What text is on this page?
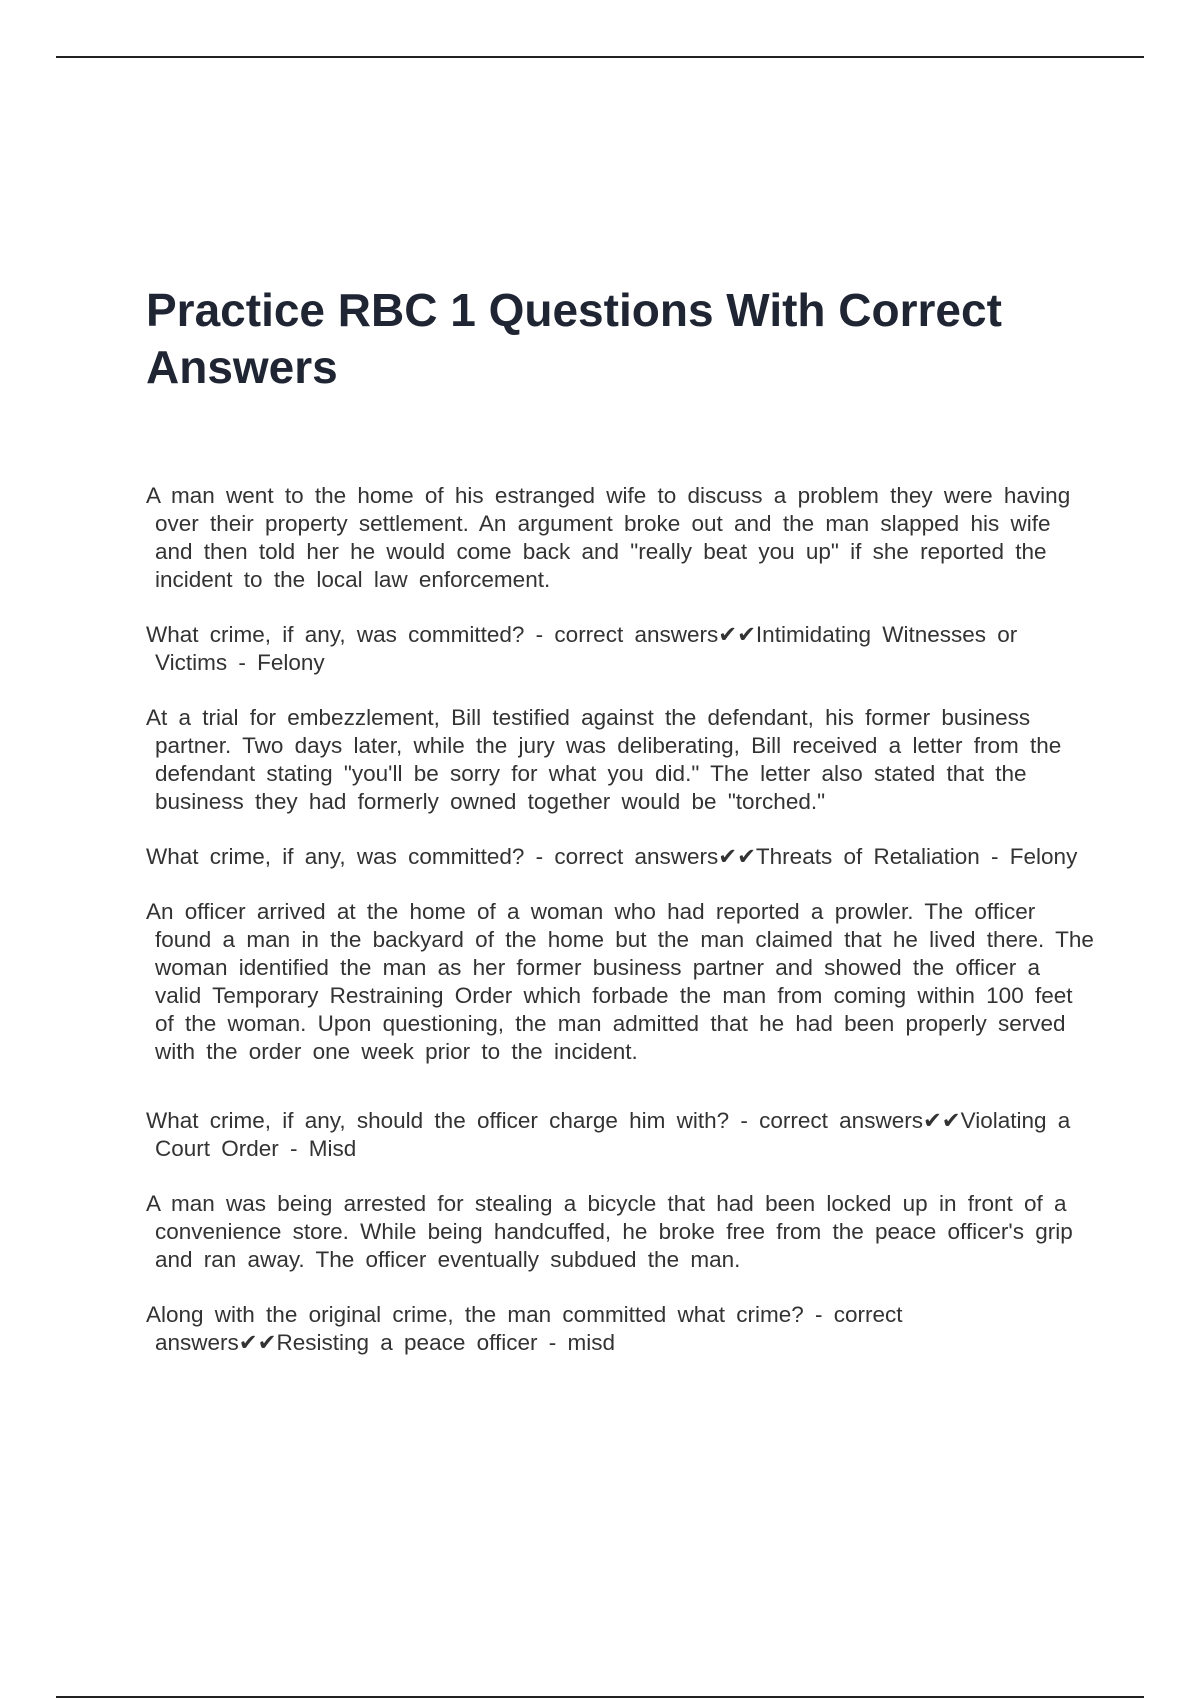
Practice RBC 1 Questions With Correct Answers

A man went to the home of his estranged wife to discuss a problem they were having over their property settlement. An argument broke out and the man slapped his wife and then told her he would come back and "really beat you up" if she reported the incident to the local law enforcement.

What crime, if any, was committed? - correct answers✔✔Intimidating Witnesses or Victims - Felony

At a trial for embezzlement, Bill testified against the defendant, his former business partner. Two days later, while the jury was deliberating, Bill received a letter from the defendant stating "you'll be sorry for what you did." The letter also stated that the business they had formerly owned together would be "torched."

What crime, if any, was committed? - correct answers✔✔Threats of Retaliation - Felony

An officer arrived at the home of a woman who had reported a prowler. The officer found a man in the backyard of the home but the man claimed that he lived there. The woman identified the man as her former business partner and showed the officer a valid Temporary Restraining Order which forbade the man from coming within 100 feet of the woman. Upon questioning, the man admitted that he had been properly served with the order one week prior to the incident.

What crime, if any, should the officer charge him with? - correct answers✔✔Violating a Court Order - Misd

A man was being arrested for stealing a bicycle that had been locked up in front of a convenience store. While being handcuffed, he broke free from the peace officer's grip and ran away. The officer eventually subdued the man.

Along with the original crime, the man committed what crime? - correct answers✔✔Resisting a peace officer - misd
